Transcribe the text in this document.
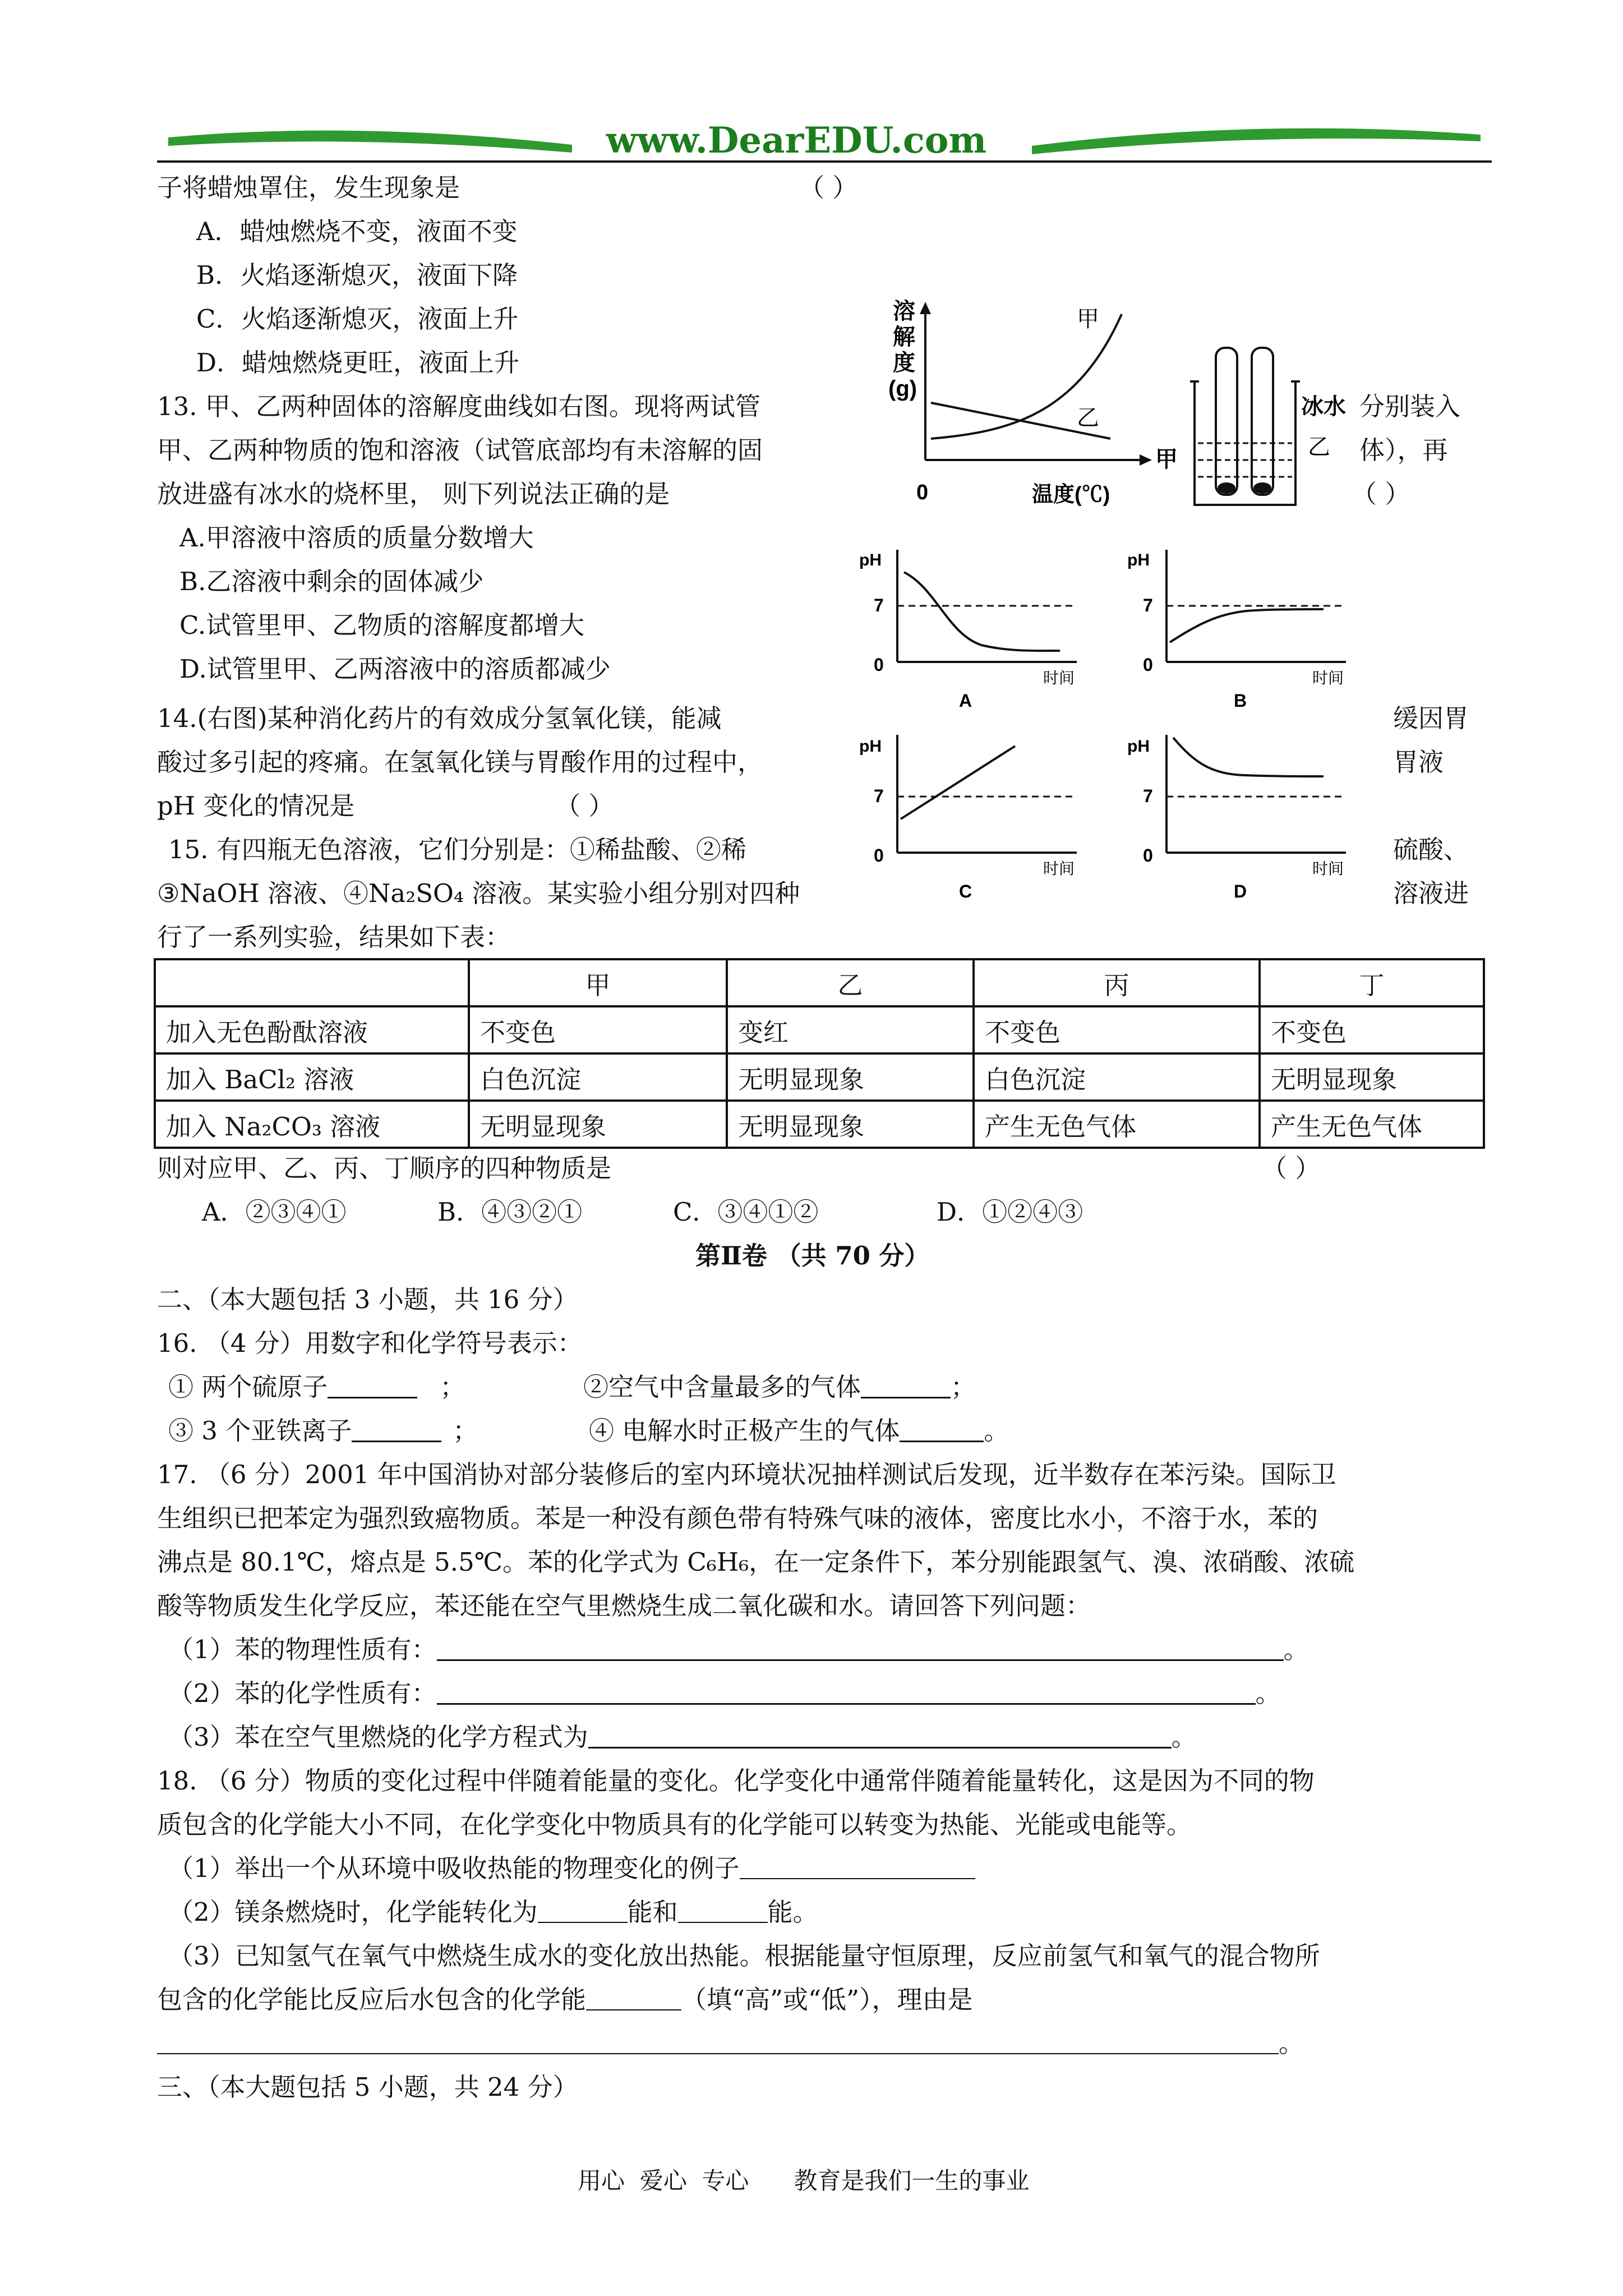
www.DearEDU.com
子将蜡烛罩住，发生现象是	（ ）
A．蜡烛燃烧不变，液面不变
B．火焰逐渐熄灭，液面下降
C．火焰逐渐熄灭，液面上升
D．蜡烛燃烧更旺，液面上升
13. 甲、乙两种固体的溶解度曲线如右图。现将两试管	分别装入
甲、乙两种物质的饱和溶液（试管底部均有未溶解的固	体），再
放进盛有冰水的烧杯里， 则下列说法正确的是	（ ）
A.甲溶液中溶质的质量分数增大
B.乙溶液中剩余的固体减少
C.试管里甲、乙物质的溶解度都增大
D.试管里甲、乙两溶液中的溶质都减少
溶
解
度
(g)
0	温度(℃)
甲
乙	冰水
甲	乙
pH
7
0
时间
A
pH
7
0
时间
B
pH
7
0
时间
C
pH
7
0
时间
D
14.(右图)某种消化药片的有效成分氢氧化镁，能减	缓因胃
酸过多引起的疼痛。在氢氧化镁与胃酸作用的过程中，	胃液
pH 变化的情况是	（ ）
15. 有四瓶无色溶液，它们分别是：①稀盐酸、②稀	硫酸、
③NaOH 溶液、④Na₂SO₄ 溶液。某实验小组分别对四种	溶液进
行了一系列实验，结果如下表：
	甲	乙	丙	丁
加入无色酚酞溶液	不变色	变红	不变色	不变色
加入 BaCl₂ 溶液	白色沉淀	无明显现象	白色沉淀	无明显现象
加入 Na₂CO₃ 溶液	无明显现象	无明显现象	产生无色气体	产生无色气体
则对应甲、乙、丙、丁顺序的四种物质是	（ ）
A．②③④①	B．④③②①	C．③④①②	D．①②④③
第Ⅱ卷 （共 70 分）
二、（本大题包括 3 小题，共 16 分）
16. （4 分）用数字和化学符号表示：
① 两个硫原子	；	②空气中含量最多的气体	；
③ 3 个亚铁离子	；	④ 电解水时正极产生的气体	。
17. （6 分）2001 年中国消协对部分装修后的室内环境状况抽样测试后发现，近半数存在苯污染。国际卫
生组织已把苯定为强烈致癌物质。苯是一种没有颜色带有特殊气味的液体，密度比水小，不溶于水，苯的
沸点是 80.1℃，熔点是 5.5℃。苯的化学式为 C₆H₆，在一定条件下，苯分别能跟氢气、溴、浓硝酸、浓硫
酸等物质发生化学反应，苯还能在空气里燃烧生成二氧化碳和水。请回答下列问题：
（1）苯的物理性质有：	。
（2）苯的化学性质有：	。
（3）苯在空气里燃烧的化学方程式为	。
18. （6 分）物质的变化过程中伴随着能量的变化。化学变化中通常伴随着能量转化，这是因为不同的物
质包含的化学能大小不同，在化学变化中物质具有的化学能可以转变为热能、光能或电能等。
（1）举出一个从环境中吸收热能的物理变化的例子
（2）镁条燃烧时，化学能转化为	能和	能。
（3）已知氢气在氧气中燃烧生成水的变化放出热能。根据能量守恒原理，反应前氢气和氧气的混合物所
包含的化学能比反应后水包含的化学能	（填“高”或“低”），理由是
。
三、（本大题包括 5 小题，共 24 分）
用心  爱心  专心      教育是我们一生的事业
